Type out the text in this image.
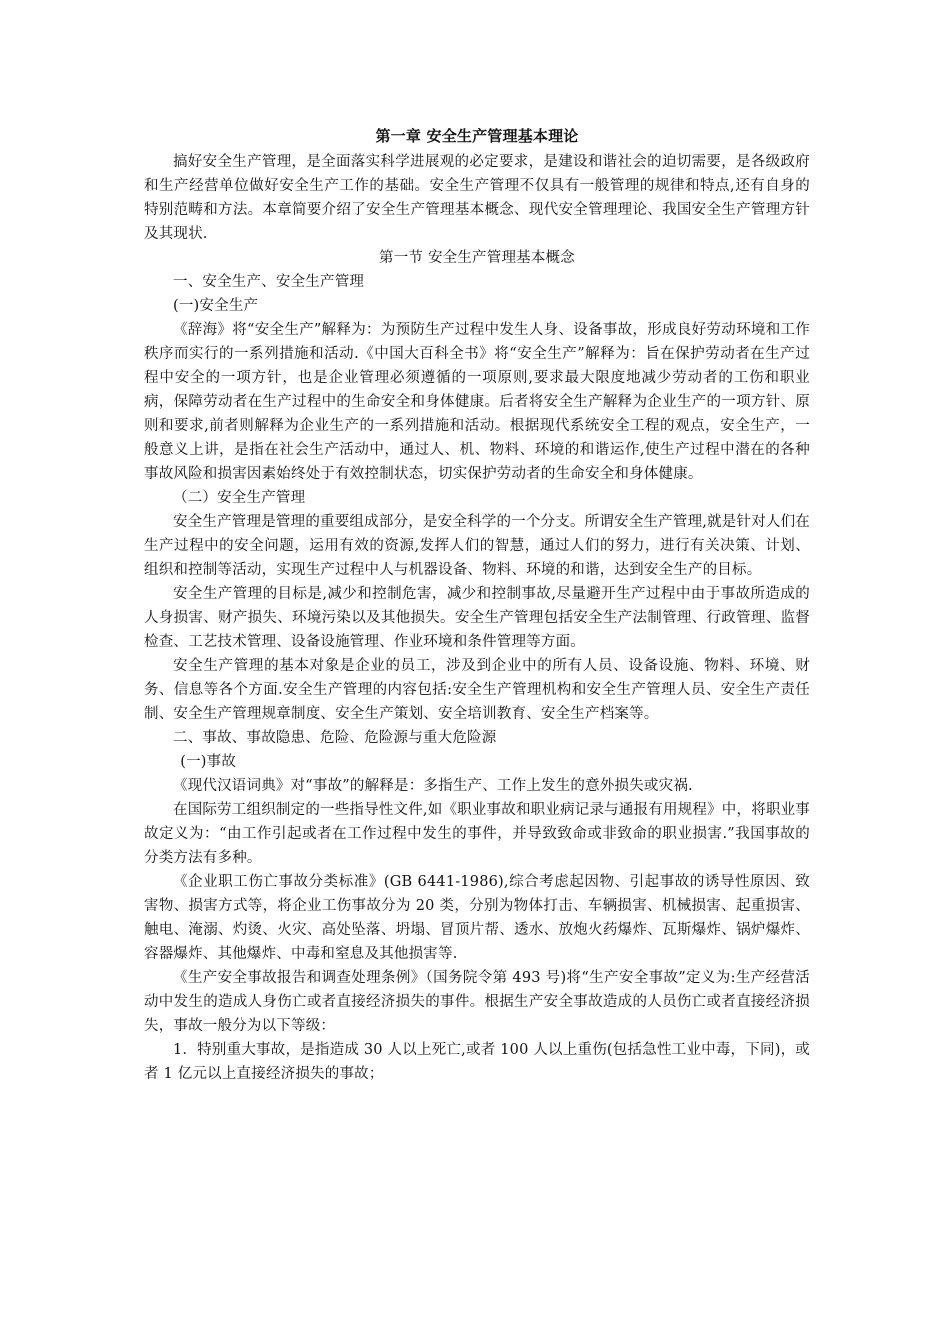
第一章 安全生产管理基本理论

搞好安全生产管理，是全面落实科学进展观的必定要求，是建设和谐社会的迫切需要，是各级政府和生产经营单位做好安全生产工作的基础。安全生产管理不仅具有一般管理的规律和特点,还有自身的特别范畴和方法。本章简要介绍了安全生产管理基本概念、现代安全管理理论、我国安全生产管理方针及其现状.

第一节 安全生产管理基本概念

一、安全生产、安全生产管理

(一)安全生产

《辞海》将“安全生产”解释为：为预防生产过程中发生人身、设备事故，形成良好劳动环境和工作秩序而实行的一系列措施和活动.《中国大百科全书》将“安全生产”解释为：旨在保护劳动者在生产过程中安全的一项方针，也是企业管理必须遵循的一项原则,要求最大限度地减少劳动者的工伤和职业病，保障劳动者在生产过程中的生命安全和身体健康。后者将安全生产解释为企业生产的一项方针、原则和要求,前者则解释为企业生产的一系列措施和活动。根据现代系统安全工程的观点，安全生产，一般意义上讲，是指在社会生产活动中，通过人、机、物料、环境的和谐运作,使生产过程中潜在的各种事故风险和损害因素始终处于有效控制状态，切实保护劳动者的生命安全和身体健康。

（二）安全生产管理

安全生产管理是管理的重要组成部分，是安全科学的一个分支。所谓安全生产管理,就是针对人们在生产过程中的安全问题，运用有效的资源,发挥人们的智慧，通过人们的努力，进行有关决策、计划、组织和控制等活动，实现生产过程中人与机器设备、物料、环境的和谐，达到安全生产的目标。

安全生产管理的目标是,减少和控制危害，减少和控制事故,尽量避开生产过程中由于事故所造成的人身损害、财产损失、环境污染以及其他损失。安全生产管理包括安全生产法制管理、行政管理、监督检查、工艺技术管理、设备设施管理、作业环境和条件管理等方面。

安全生产管理的基本对象是企业的员工，涉及到企业中的所有人员、设备设施、物料、环境、财务、信息等各个方面.安全生产管理的内容包括:安全生产管理机构和安全生产管理人员、安全生产责任制、安全生产管理规章制度、安全生产策划、安全培训教育、安全生产档案等。

二、事故、事故隐患、危险、危险源与重大危险源

(一)事故

《现代汉语词典》对“事故”的解释是：多指生产、工作上发生的意外损失或灾祸.

在国际劳工组织制定的一些指导性文件,如《职业事故和职业病记录与通报有用规程》中，将职业事故定义为：“由工作引起或者在工作过程中发生的事件，并导致致命或非致命的职业损害.”我国事故的分类方法有多种。

《企业职工伤亡事故分类标准》(GB 6441-1986),综合考虑起因物、引起事故的诱导性原因、致害物、损害方式等，将企业工伤事故分为 20 类，分别为物体打击、车辆损害、机械损害、起重损害、触电、淹溺、灼烫、火灾、高处坠落、坍塌、冒顶片帮、透水、放炮火药爆炸、瓦斯爆炸、锅炉爆炸、容器爆炸、其他爆炸、中毒和窒息及其他损害等.

《生产安全事故报告和调查处理条例》（国务院令第 493 号)将“生产安全事故”定义为:生产经营活动中发生的造成人身伤亡或者直接经济损失的事件。根据生产安全事故造成的人员伤亡或者直接经济损失，事故一般分为以下等级：

1．特别重大事故，是指造成 30 人以上死亡,或者 100 人以上重伤(包括急性工业中毒，下同)，或者 1 亿元以上直接经济损失的事故；
